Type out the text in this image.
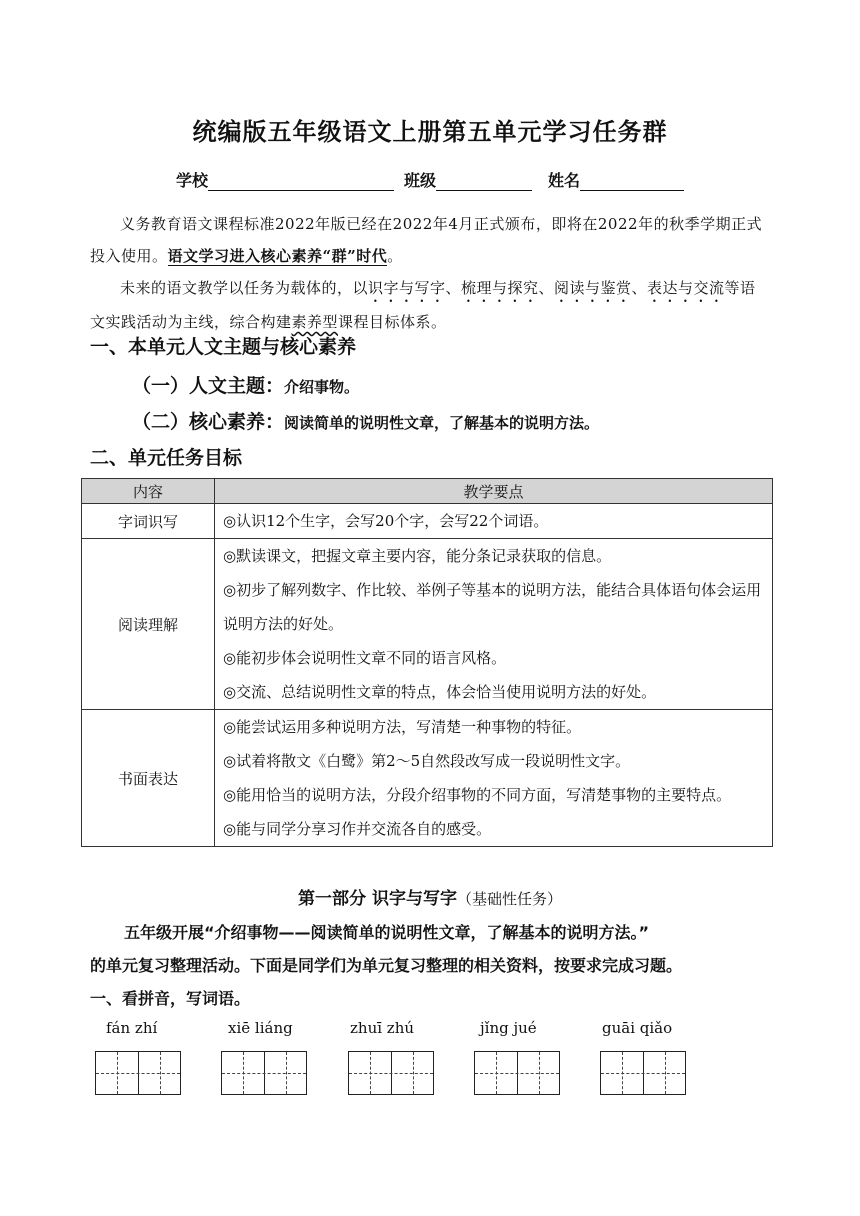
统编版五年级语文上册第五单元学习任务群
学校	班级	姓名

义务教育语文课程标准2022年版已经在2022年4月正式颁布，即将在2022年的秋季学期正式投入使用。语文学习进入核心素养“群”时代。

未来的语文教学以任务为载体的，以识字与写字、梳理与探究、阅读与鉴赏、表达与交流等语文实践活动为主线，综合构建素养型课程目标体系。

一、本单元人文主题与核心素养
（一）人文主题：介绍事物。
（二）核心素养：阅读简单的说明性文章，了解基本的说明方法。
二、单元任务目标
内容	教学要点
字词识写	◎认识12个生字，会写20个字，会写22个词语。

阅读理解	◎默读课文，把握文章主要内容，能分条记录获取的信息。
◎初步了解列数字、作比较、举例子等基本的说明方法，能结合具体语句体会运用说明方法的好处。
◎能初步体会说明性文章不同的语言风格。
◎交流、总结说明性文章的特点，体会恰当使用说明方法的好处。

书面表达	◎能尝试运用多种说明方法，写清楚一种事物的特征。
◎试着将散文《白鹭》第2～5自然段改写成一段说明性文字。
◎能用恰当的说明方法，分段介绍事物的不同方面，写清楚事物的主要特点。
◎能与同学分享习作并交流各自的感受。
第一部分 识字与写字（基础性任务）
五年级开展“介绍事物——阅读简单的说明性文章，了解基本的说明方法。”
的单元复习整理活动。下面是同学们为单元复习整理的相关资料，按要求完成习题。
一、看拼音，写词语。
fán zhí	xiē liáng	zhuī zhú	jǐng jué	guāi qiǎo
